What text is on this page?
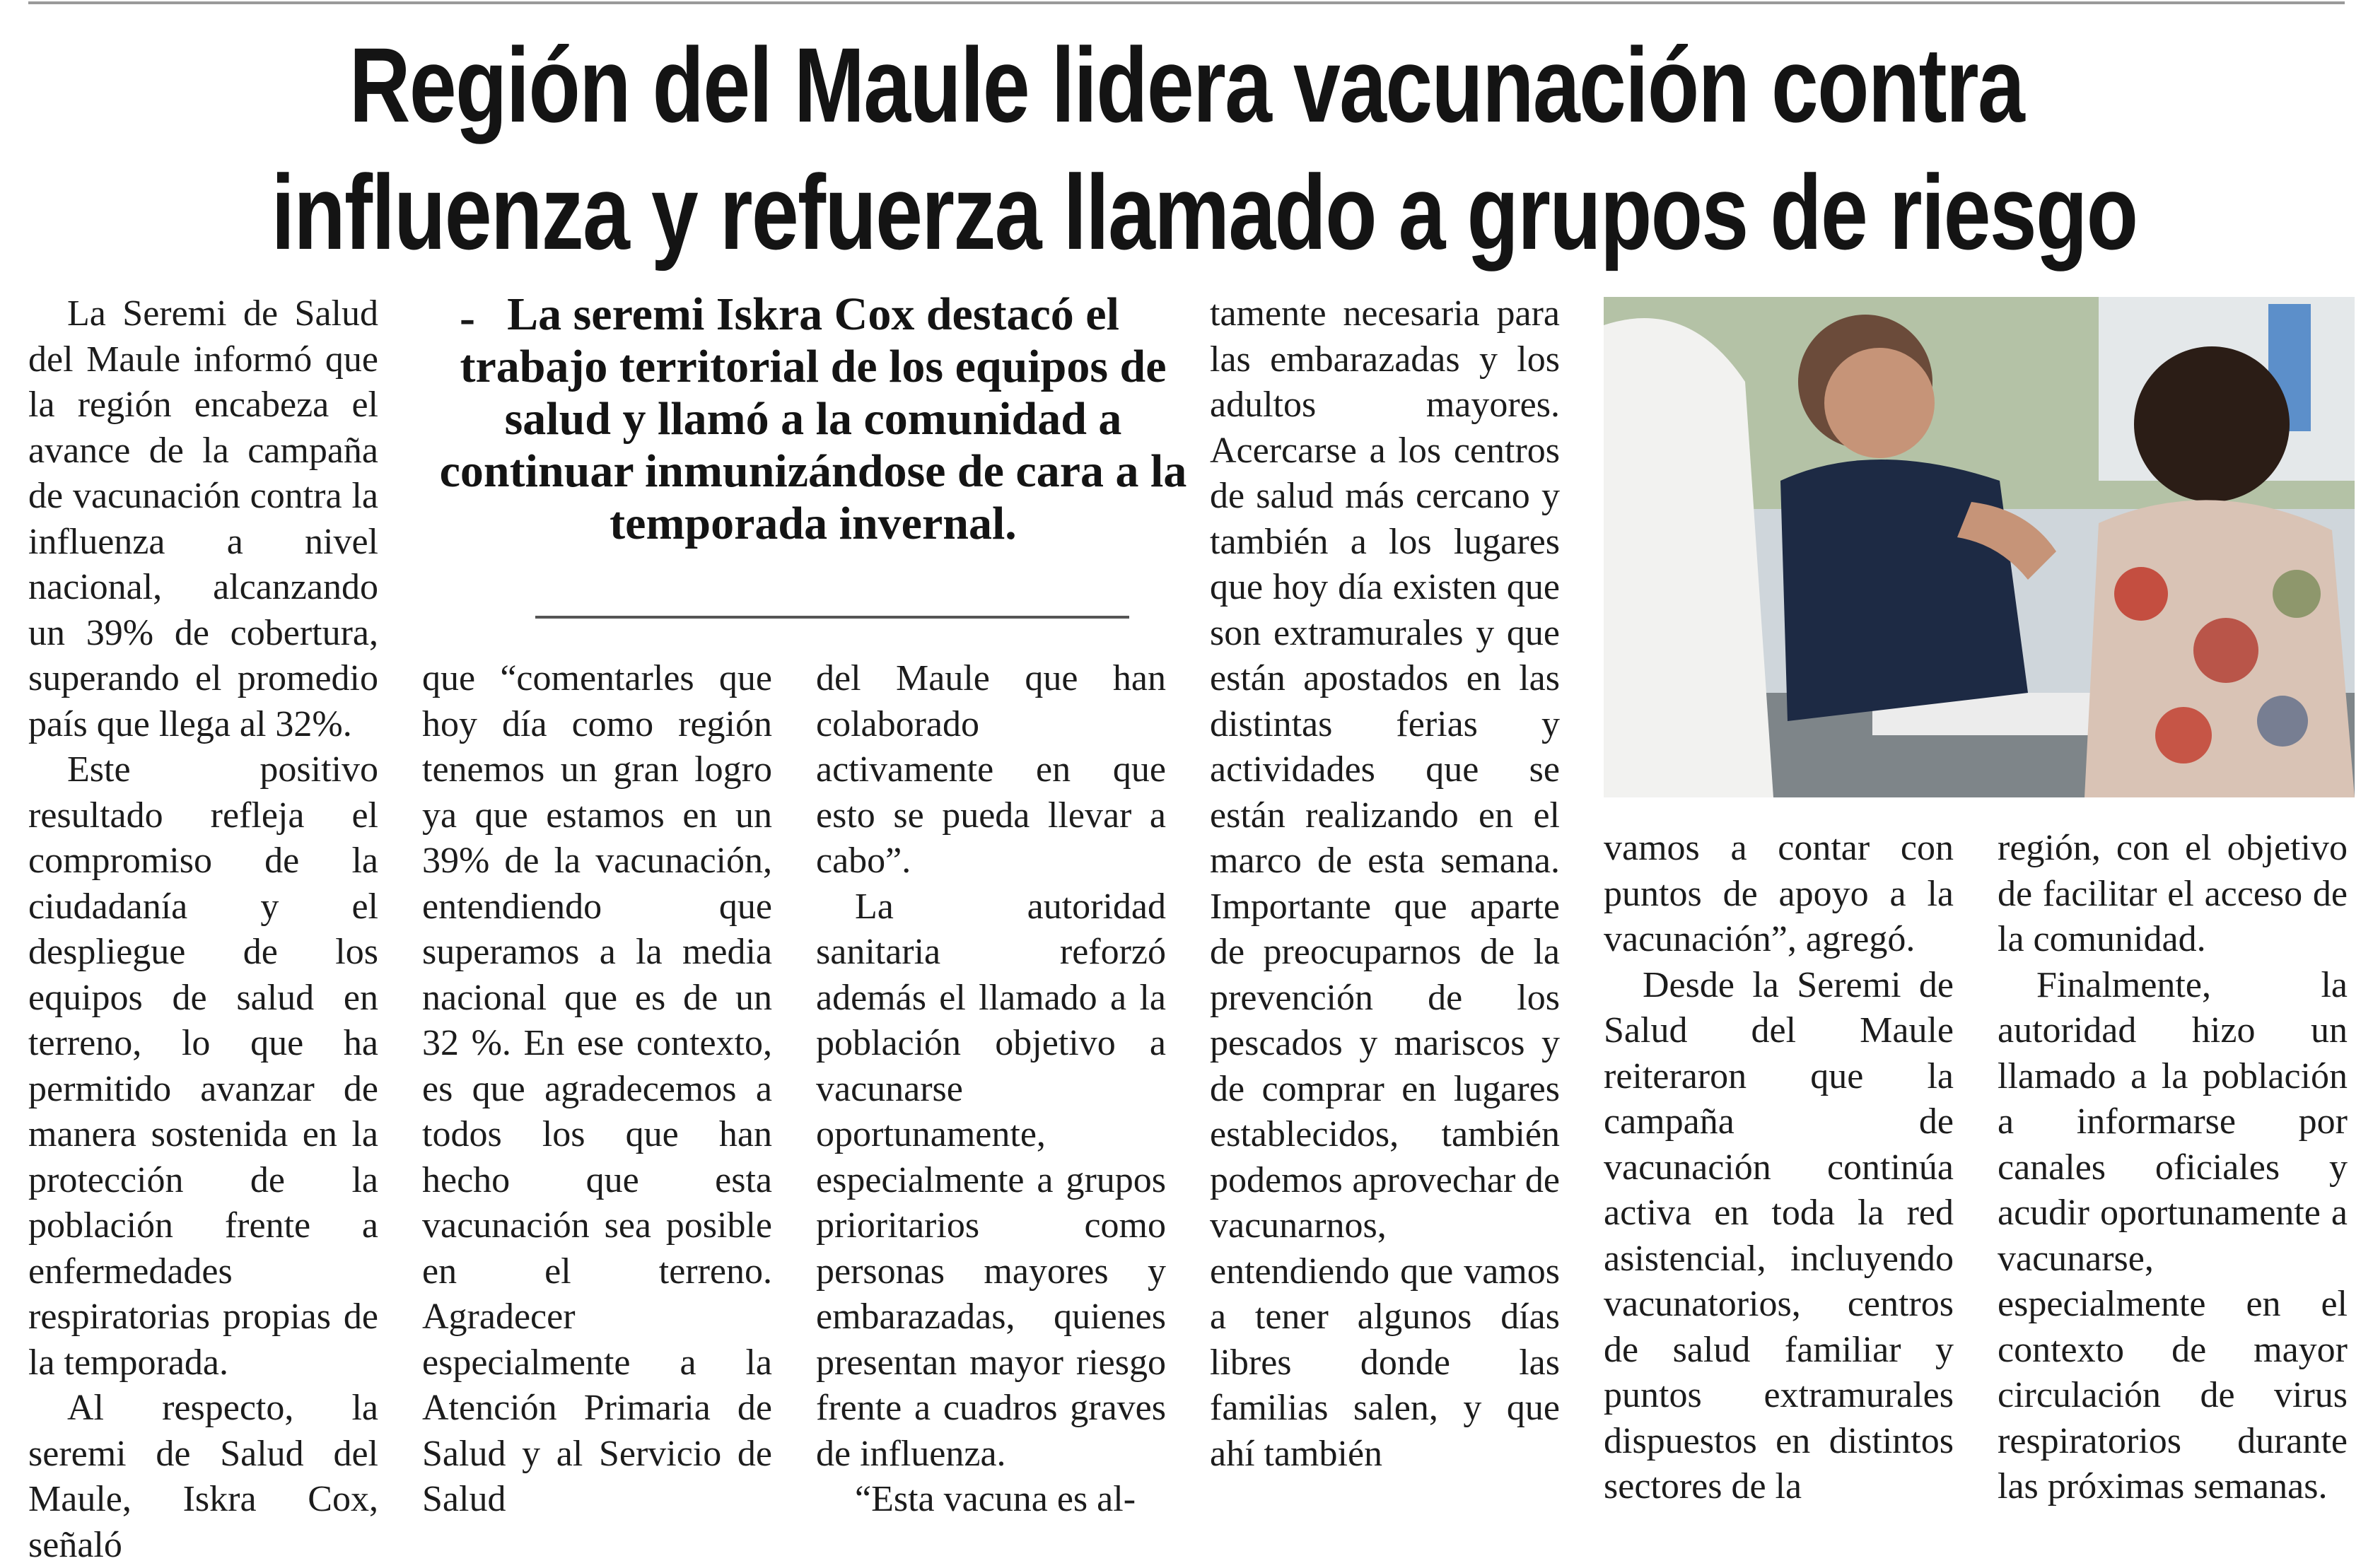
Región del Maule lidera vacunación contra
influenza y refuerza llamado a grupos de riesgo

La Seremi de Salud del Maule informó que la región encabeza el avance de la campaña de vacunación contra la influenza a nivel nacional, alcanzando un 39% de cobertura, superando el promedio país que llega al 32%.

Este positivo resultado refleja el compromiso de la ciudadanía y el despliegue de los equipos de salud en terreno, lo que ha permitido avanzar de manera sostenida en la protección de la población frente a enfermedades respiratorias propias de la temporada.

Al respecto, la seremi de Salud del Maule, Iskra Cox, señaló

- La seremi Iskra Cox destacó el trabajo territorial de los equipos de salud y llamó a la comunidad a continuar inmunizándose de cara a la temporada invernal.

que “comentarles que hoy día como región tenemos un gran logro ya que estamos en un 39% de la vacunación, entendiendo que superamos a la media nacional que es de un 32 %. En ese contexto, es que agradecemos a todos los que han hecho que esta vacunación sea posible en el terreno. Agradecer especialmente a la Atención Primaria de Salud y al Servicio de Salud

del Maule que han colaborado activamente en que esto se pueda llevar a cabo”.

La autoridad sanitaria reforzó además el llamado a la población objetivo a vacunarse oportunamente, especialmente a grupos prioritarios como personas mayores y embarazadas, quienes presentan mayor riesgo frente a cuadros graves de influenza.

“Esta vacuna es al-

tamente necesaria para las embarazadas y los adultos mayores. Acercarse a los centros de salud más cercano y también a los lugares que hoy día existen que son extramurales y que están apostados en las distintas ferias y actividades que se están realizando en el marco de esta semana. Importante que aparte de preocuparnos de la prevención de los pescados y mariscos y de comprar en lugares establecidos, también podemos aprovechar de vacunarnos, entendiendo que vamos a tener algunos días libres donde las familias salen, y que ahí también

vamos a contar con puntos de apoyo a la vacunación”, agregó.

Desde la Seremi de Salud del Maule reiteraron que la campaña de vacunación continúa activa en toda la red asistencial, incluyendo vacunatorios, centros de salud familiar y puntos extramurales dispuestos en distintos sectores de la

región, con el objetivo de facilitar el acceso de la comunidad.

Finalmente, la autoridad hizo un llamado a la población a informarse por canales oficiales y acudir oportunamente a vacunarse, especialmente en el contexto de mayor circulación de virus respiratorios durante las próximas semanas.
